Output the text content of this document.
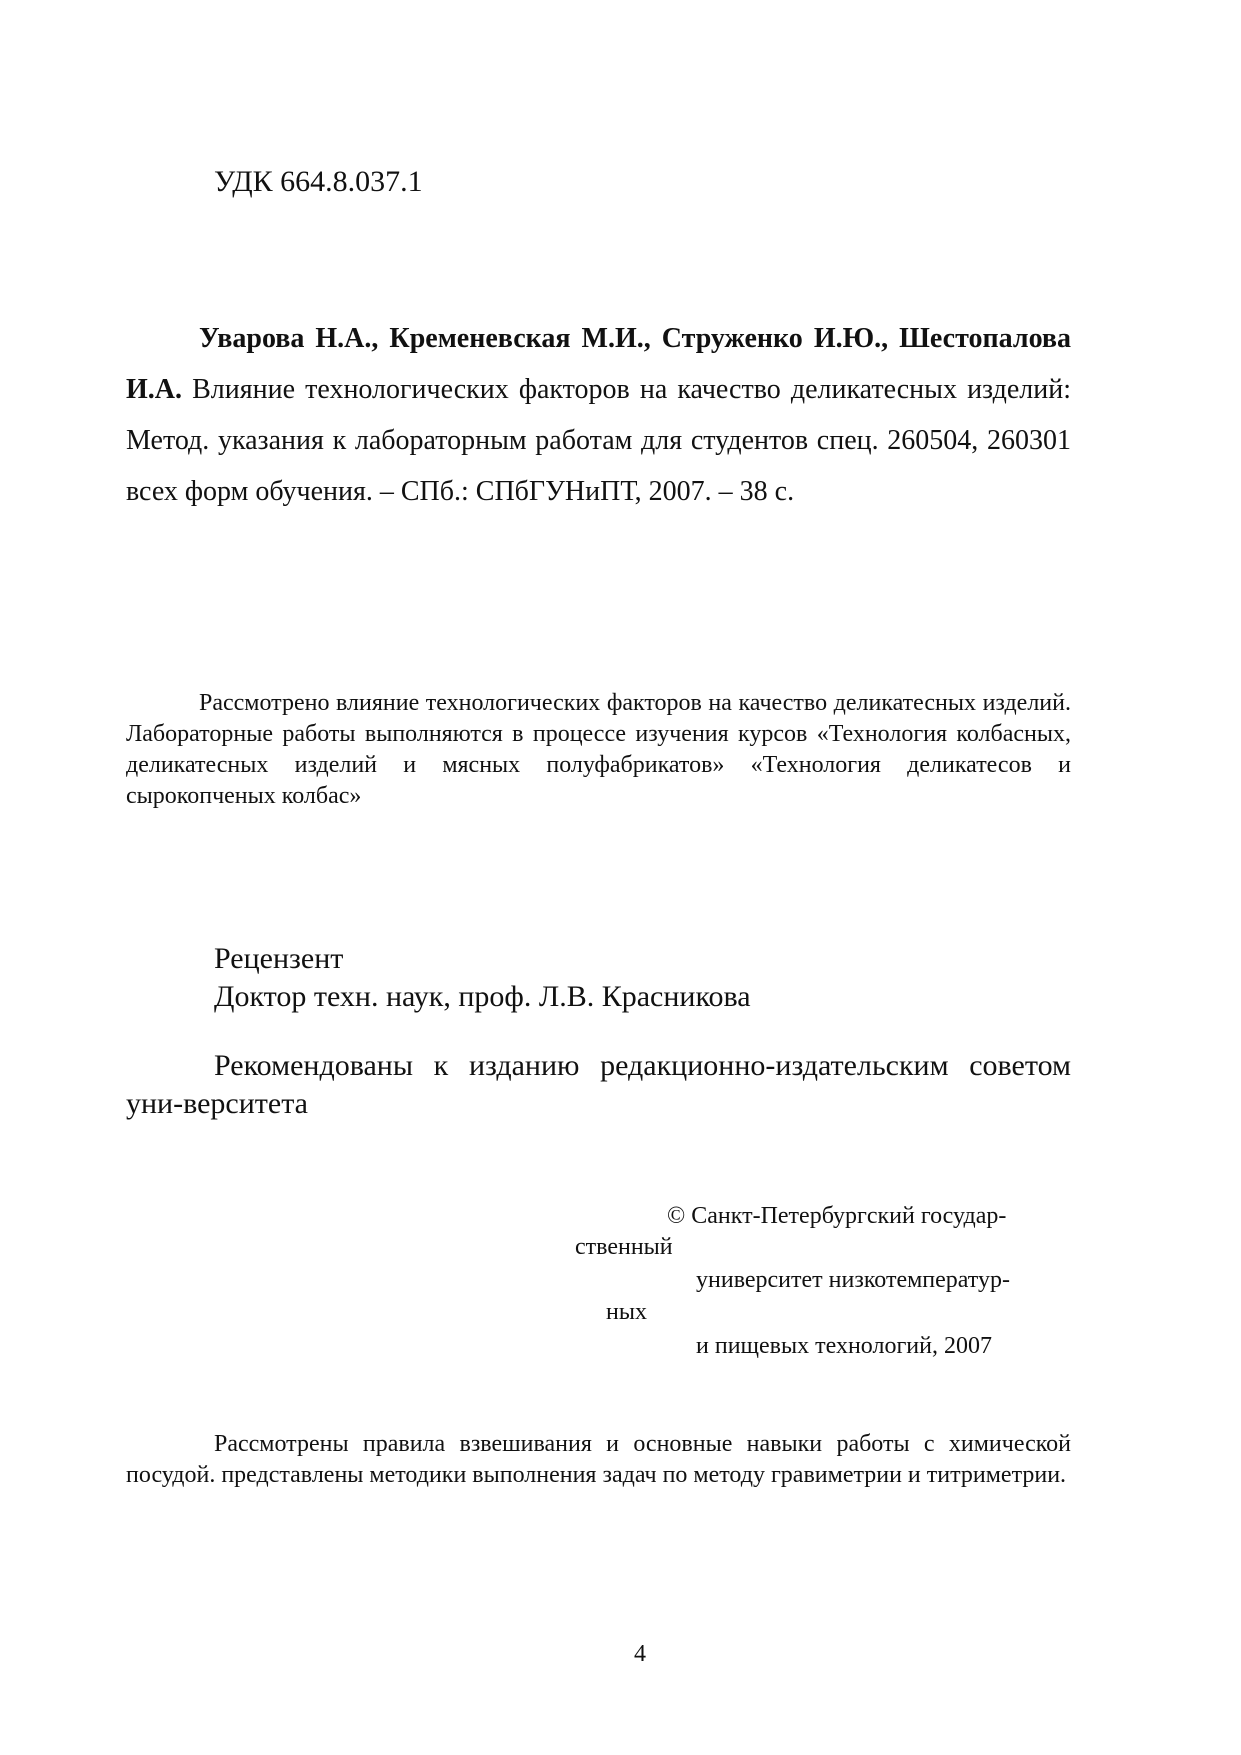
УДК 664.8.037.1

Уварова Н.А., Кременевская М.И., Струженко И.Ю., Шестопалова И.А. Влияние технологических факторов на качество деликатесных изделий: Метод. указания к лабораторным работам для студентов спец. 260504, 260301 всех форм обучения. – СПб.: СПбГУНиПТ, 2007. – 38 с.

Рассмотрено влияние технологических факторов на качество деликатесных изделий. Лабораторные работы выполняются в процессе изучения курсов «Технология колбасных, деликатесных изделий и мясных полуфабрикатов» «Технология деликатесов и сырокопченых колбас»

Рецензент

Доктор техн. наук, проф. Л.В. Красникова

Рекомендованы к изданию редакционно-издательским советом уни-верситета

© Санкт-Петербургский государ-

ственный

университет низкотемператур-

ных

и пищевых технологий, 2007

Рассмотрены правила взвешивания и основные навыки работы с химической посудой. представлены методики выполнения задач по методу гравиметрии и титриметрии.

4
